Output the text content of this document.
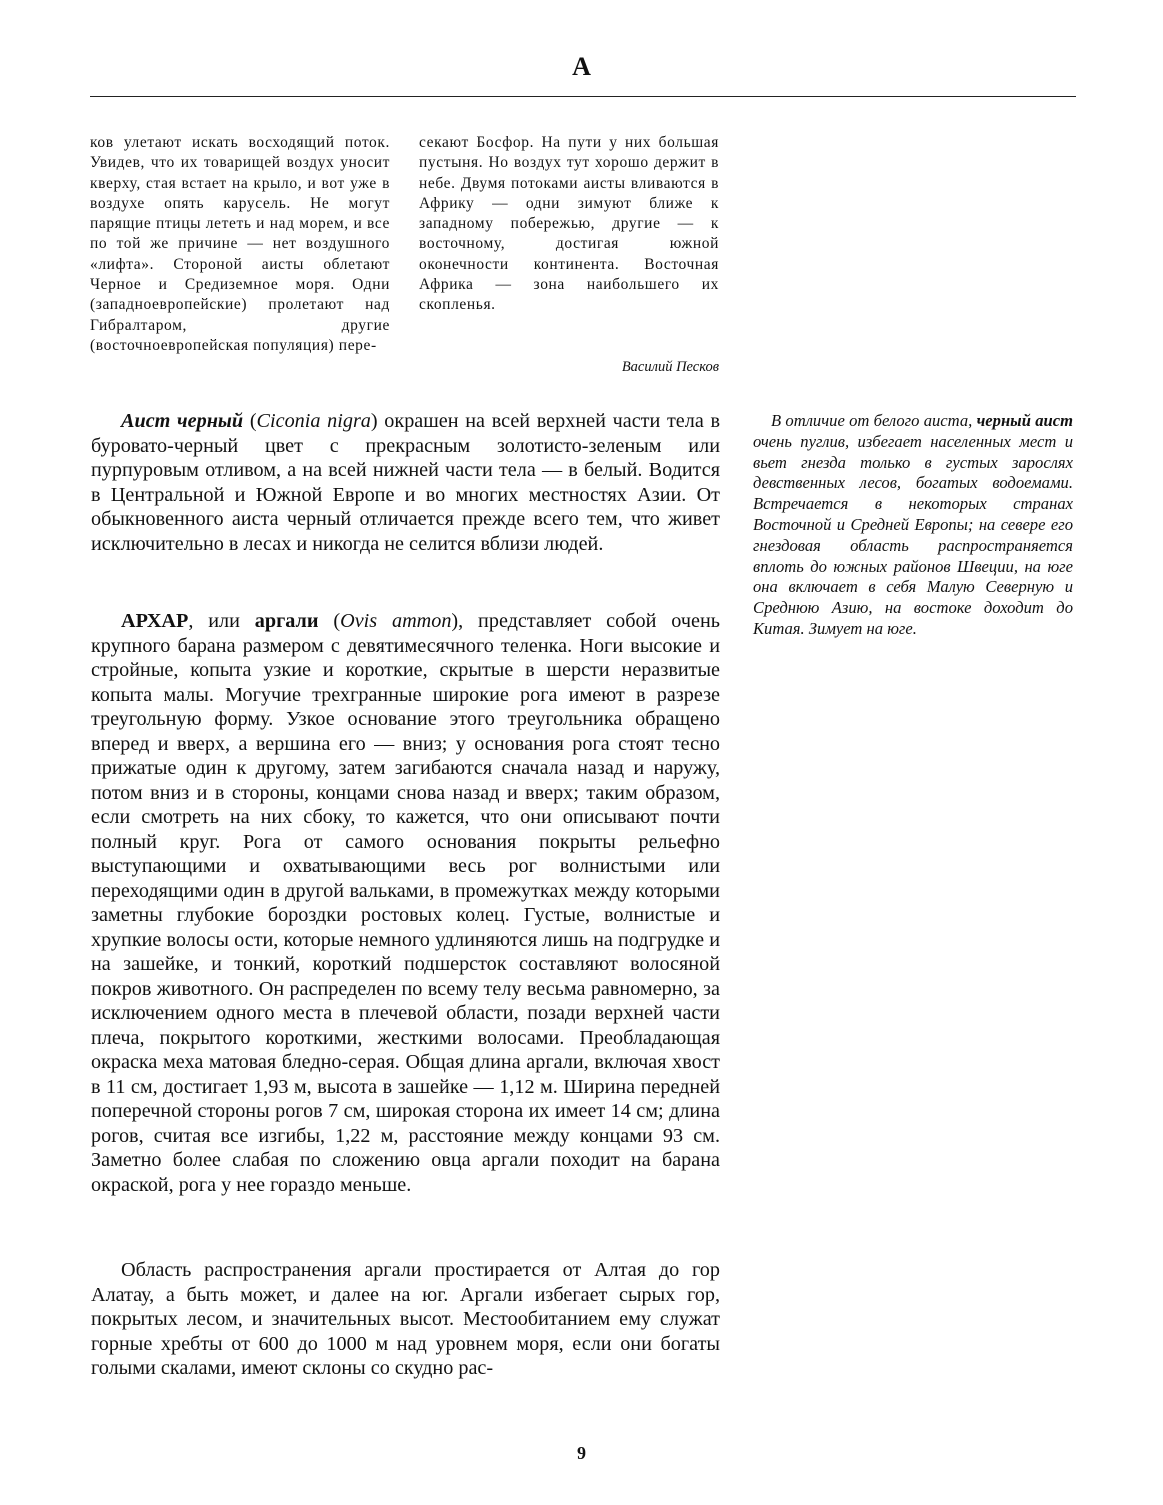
А

ков улетают искать восходящий поток. Увидев, что их товарищей воздух уносит кверху, стая встает на крыло, и вот уже в воздухе опять карусель. Не могут парящие птицы лететь и над морем, и все по той же причине — нет воздушного «лифта». Стороной аисты облетают Черное и Средиземное моря. Одни (западноевропейские) пролетают над Гибралтаром, другие (восточноевропейская популяция) пере-

секают Босфор. На пути у них большая пустыня. Но воздух тут хорошо держит в небе. Двумя потоками аисты вливаются в Африку — одни зимуют ближе к западному побережью, другие — к восточному, достигая южной оконечности континента. Восточная Африка — зона наибольшего их скопленья.

Василий Песков

Аист черный (Ciconia nigra) окрашен на всей верхней части тела в буровато-черный цвет с прекрасным золотисто-зеленым или пурпуровым отливом, а на всей нижней части тела — в белый. Водится в Центральной и Южной Европе и во многих местностях Азии. От обыкновенного аиста черный отличается прежде всего тем, что живет исключительно в лесах и никогда не селится вблизи людей.

АРХАР, или аргали (Ovis ammon), представляет собой очень крупного барана размером с девятимесячного теленка. Ноги высокие и стройные, копыта узкие и короткие, скрытые в шерсти неразвитые копыта малы. Могучие трехгранные широкие рога имеют в разрезе треугольную форму. Узкое основание этого треугольника обращено вперед и вверх, а вершина его — вниз; у основания рога стоят тесно прижатые один к другому, затем загибаются сначала назад и наружу, потом вниз и в стороны, концами снова назад и вверх; таким образом, если смотреть на них сбоку, то кажется, что они описывают почти полный круг. Рога от самого основания покрыты рельефно выступающими и охватывающими весь рог волнистыми или переходящими один в другой вальками, в промежутках между которыми заметны глубокие бороздки ростовых колец. Густые, волнистые и хрупкие волосы ости, которые немного удлиняются лишь на подгрудке и на зашейке, и тонкий, короткий подшерсток составляют волосяной покров животного. Он распределен по всему телу весьма равномерно, за исключением одного места в плечевой области, позади верхней части плеча, покрытого короткими, жесткими волосами. Преобладающая окраска меха матовая бледно-серая. Общая длина аргали, включая хвост в 11 см, достигает 1,93 м, высота в зашейке — 1,12 м. Ширина передней поперечной стороны рогов 7 см, широкая сторона их имеет 14 см; длина рогов, считая все изгибы, 1,22 м, расстояние между концами 93 см. Заметно более слабая по сложению овца аргали походит на барана окраской, рога у нее гораздо меньше.

Область распространения аргали простирается от Алтая до гор Алатау, а быть может, и далее на юг. Аргали избегает сырых гор, покрытых лесом, и значительных высот. Местообитанием ему служат горные хребты от 600 до 1000 м над уровнем моря, если они богаты голыми скалами, имеют склоны со скудно рас-

В отличие от белого аиста, черный аист очень пуглив, избегает населенных мест и вьет гнезда только в густых зарослях девственных лесов, богатых водоемами. Встречается в некоторых странах Восточной и Средней Европы; на севере его гнездовая область распространяется вплоть до южных районов Швеции, на юге она включает в себя Малую Северную и Среднюю Азию, на востоке доходит до Китая. Зимует на юге.
9
